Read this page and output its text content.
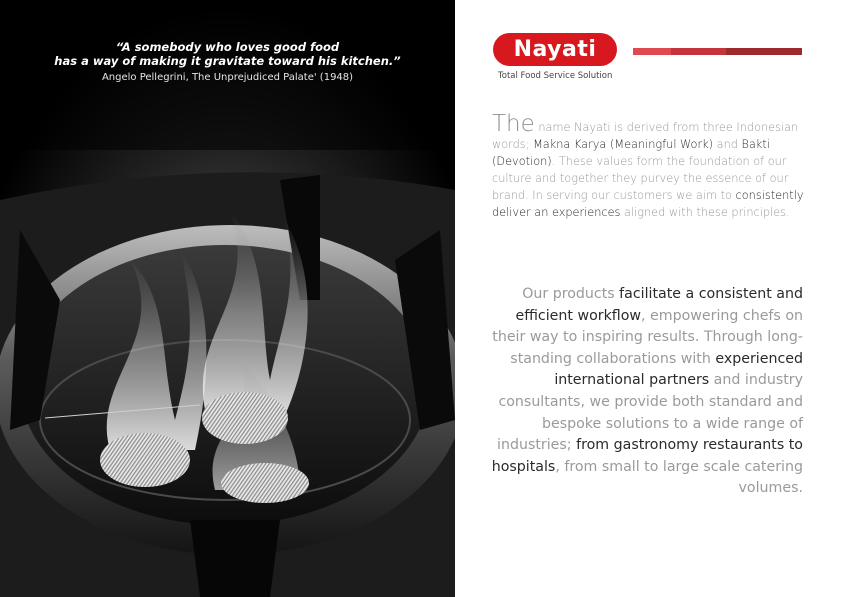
“A somebody who loves good food
has a way of making it gravitate toward his kitchen.”
Angelo Pellegrini, The Unprejudiced Palate' (1948)
Nayati
Total Food Service Solution

The name Nayati is derived from three Indonesian words; Makna Karya (Meaningful Work) and Bakti (Devotion). These values form the foundation of our culture and together they purvey the essence of our brand. In serving our customers we aim to consistently deliver an experiences aligned with these principles.

Our products facilitate a consistent and efficient workflow, empowering chefs on their way to inspiring results. Through long-standing collaborations with experienced international partners and industry consultants, we provide both standard and bespoke solutions to a wide range of industries; from gastronomy restaurants to hospitals, from small to large scale catering volumes.
